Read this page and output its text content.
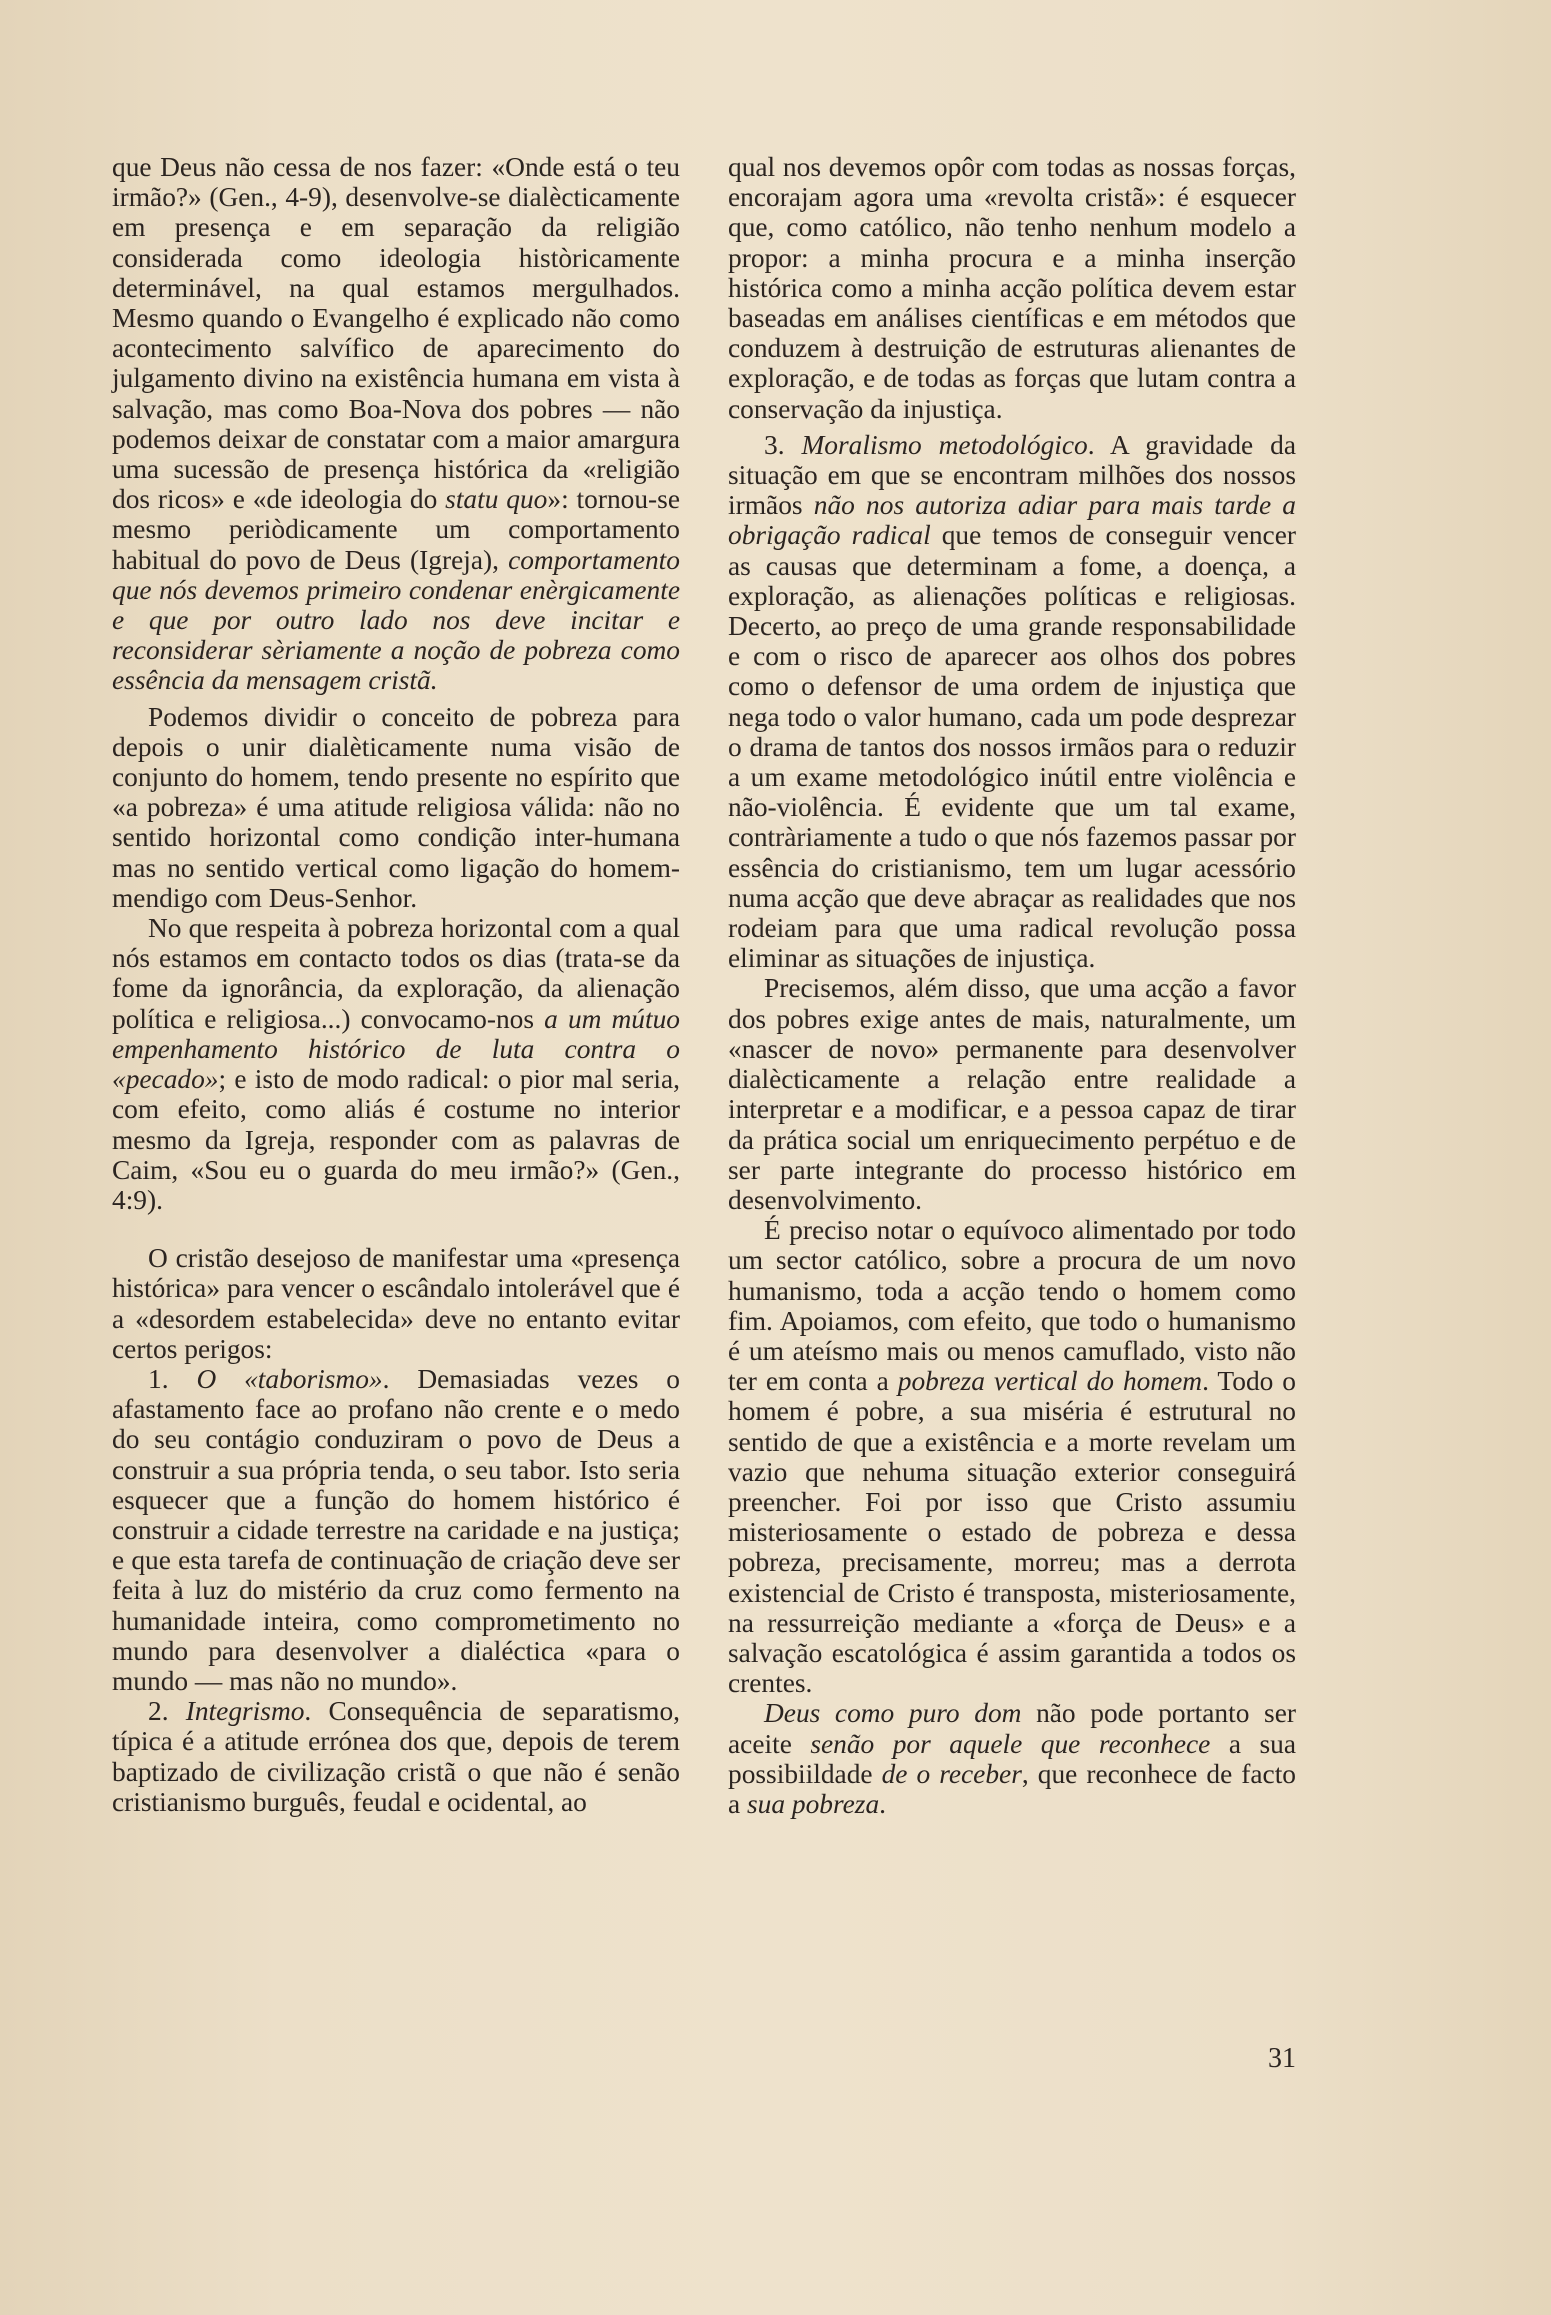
que Deus não cessa de nos fazer: «Onde está o teu irmão?» (Gen., 4-9), desenvolve-se dialècticamente em presença e em separação da religião considerada como ideologia històricamente determinável, na qual estamos mergulhados. Mesmo quando o Evangelho é explicado não como acontecimento salvífico de aparecimento do julgamento divino na existência humana em vista à salvação, mas como Boa-Nova dos pobres — não podemos deixar de constatar com a maior amargura uma sucessão de presença histórica da «religião dos ricos» e «de ideologia do statu quo»: tornou-se mesmo periòdicamente um comportamento habitual do povo de Deus (Igreja), comportamento que nós devemos primeiro condenar enèrgicamente e que por outro lado nos deve incitar e reconsiderar sèriamente a noção de pobreza como essência da mensagem cristã.

Podemos dividir o conceito de pobreza para depois o unir dialèticamente numa visão de conjunto do homem, tendo presente no espírito que «a pobreza» é uma atitude religiosa válida: não no sentido horizontal como condição inter-humana mas no sentido vertical como ligação do homem-mendigo com Deus-Senhor.

No que respeita à pobreza horizontal com a qual nós estamos em contacto todos os dias (trata-se da fome da ignorância, da exploração, da alienação política e religiosa...) convocamo-nos a um mútuo empenhamento histórico de luta contra o «pecado»; e isto de modo radical: o pior mal seria, com efeito, como aliás é costume no interior mesmo da Igreja, responder com as palavras de Caim, «Sou eu o guarda do meu irmão?» (Gen., 4:9).

O cristão desejoso de manifestar uma «presença histórica» para vencer o escândalo intolerável que é a «desordem estabelecida» deve no entanto evitar certos perigos:

1. O «taborismo». Demasiadas vezes o afastamento face ao profano não crente e o medo do seu contágio conduziram o povo de Deus a construir a sua própria tenda, o seu tabor. Isto seria esquecer que a função do homem histórico é construir a cidade terrestre na caridade e na justiça; e que esta tarefa de continuação de criação deve ser feita à luz do mistério da cruz como fermento na humanidade inteira, como comprometimento no mundo para desenvolver a dialéctica «para o mundo — mas não no mundo».

2. Integrismo. Consequência de separatismo, típica é a atitude errónea dos que, depois de terem baptizado de civilização cristã o que não é senão cristianismo burguês, feudal e ocidental, ao

qual nos devemos opôr com todas as nossas forças, encorajam agora uma «revolta cristã»: é esquecer que, como católico, não tenho nenhum modelo a propor: a minha procura e a minha inserção histórica como a minha acção política devem estar baseadas em análises científicas e em métodos que conduzem à destruição de estruturas alienantes de exploração, e de todas as forças que lutam contra a conservação da injustiça.

3. Moralismo metodológico. A gravidade da situação em que se encontram milhões dos nossos irmãos não nos autoriza adiar para mais tarde a obrigação radical que temos de conseguir vencer as causas que determinam a fome, a doença, a exploração, as alienações políticas e religiosas. Decerto, ao preço de uma grande responsabilidade e com o risco de aparecer aos olhos dos pobres como o defensor de uma ordem de injustiça que nega todo o valor humano, cada um pode desprezar o drama de tantos dos nossos irmãos para o reduzir a um exame metodológico inútil entre violência e não-violência. É evidente que um tal exame, contràriamente a tudo o que nós fazemos passar por essência do cristianismo, tem um lugar acessório numa acção que deve abraçar as realidades que nos rodeiam para que uma radical revolução possa eliminar as situações de injustiça.

Precisemos, além disso, que uma acção a favor dos pobres exige antes de mais, naturalmente, um «nascer de novo» permanente para desenvolver dialècticamente a relação entre realidade a interpretar e a modificar, e a pessoa capaz de tirar da prática social um enriquecimento perpétuo e de ser parte integrante do processo histórico em desenvolvimento.

É preciso notar o equívoco alimentado por todo um sector católico, sobre a procura de um novo humanismo, toda a acção tendo o homem como fim. Apoiamos, com efeito, que todo o humanismo é um ateísmo mais ou menos camuflado, visto não ter em conta a pobreza vertical do homem. Todo o homem é pobre, a sua miséria é estrutural no sentido de que a existência e a morte revelam um vazio que nehuma situação exterior conseguirá preencher. Foi por isso que Cristo assumiu misteriosamente o estado de pobreza e dessa pobreza, precisamente, morreu; mas a derrota existencial de Cristo é transposta, misteriosamente, na ressurreição mediante a «força de Deus» e a salvação escatológica é assim garantida a todos os crentes.

Deus como puro dom não pode portanto ser aceite senão por aquele que reconhece a sua possibiildade de o receber, que reconhece de facto a sua pobreza.

31
